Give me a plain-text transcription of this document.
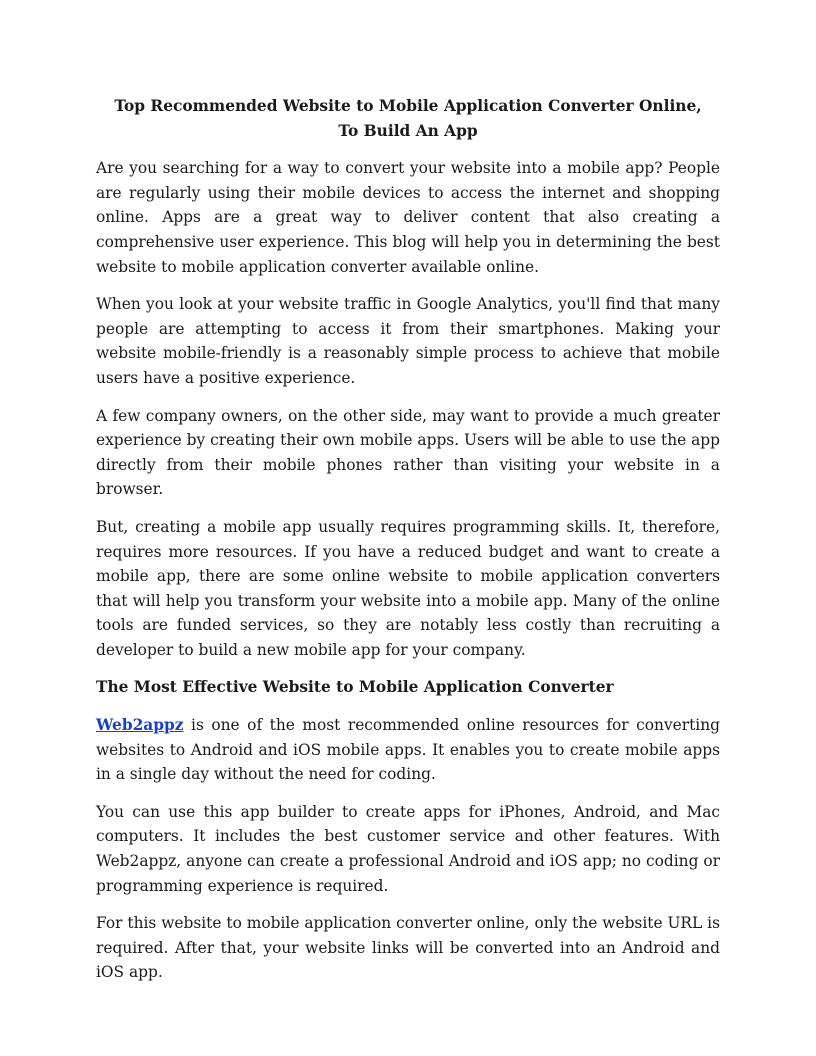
Top Recommended Website to Mobile Application Converter Online, To Build An App

Are you searching for a way to convert your website into a mobile app? People are regularly using their mobile devices to access the internet and shopping online. Apps are a great way to deliver content that also creating a comprehensive user experience. This blog will help you in determining the best website to mobile application converter available online.

When you look at your website traffic in Google Analytics, you'll find that many people are attempting to access it from their smartphones. Making your website mobile-friendly is a reasonably simple process to achieve that mobile users have a positive experience.

A few company owners, on the other side, may want to provide a much greater experience by creating their own mobile apps. Users will be able to use the app directly from their mobile phones rather than visiting your website in a browser.

But, creating a mobile app usually requires programming skills. It, therefore, requires more resources. If you have a reduced budget and want to create a mobile app, there are some online website to mobile application converters that will help you transform your website into a mobile app. Many of the online tools are funded services, so they are notably less costly than recruiting a developer to build a new mobile app for your company.

The Most Effective Website to Mobile Application Converter

Web2appz is one of the most recommended online resources for converting websites to Android and iOS mobile apps. It enables you to create mobile apps in a single day without the need for coding.

You can use this app builder to create apps for iPhones, Android, and Mac computers. It includes the best customer service and other features. With Web2appz, anyone can create a professional Android and iOS app; no coding or programming experience is required.

For this website to mobile application converter online, only the website URL is required. After that, your website links will be converted into an Android and iOS app.
